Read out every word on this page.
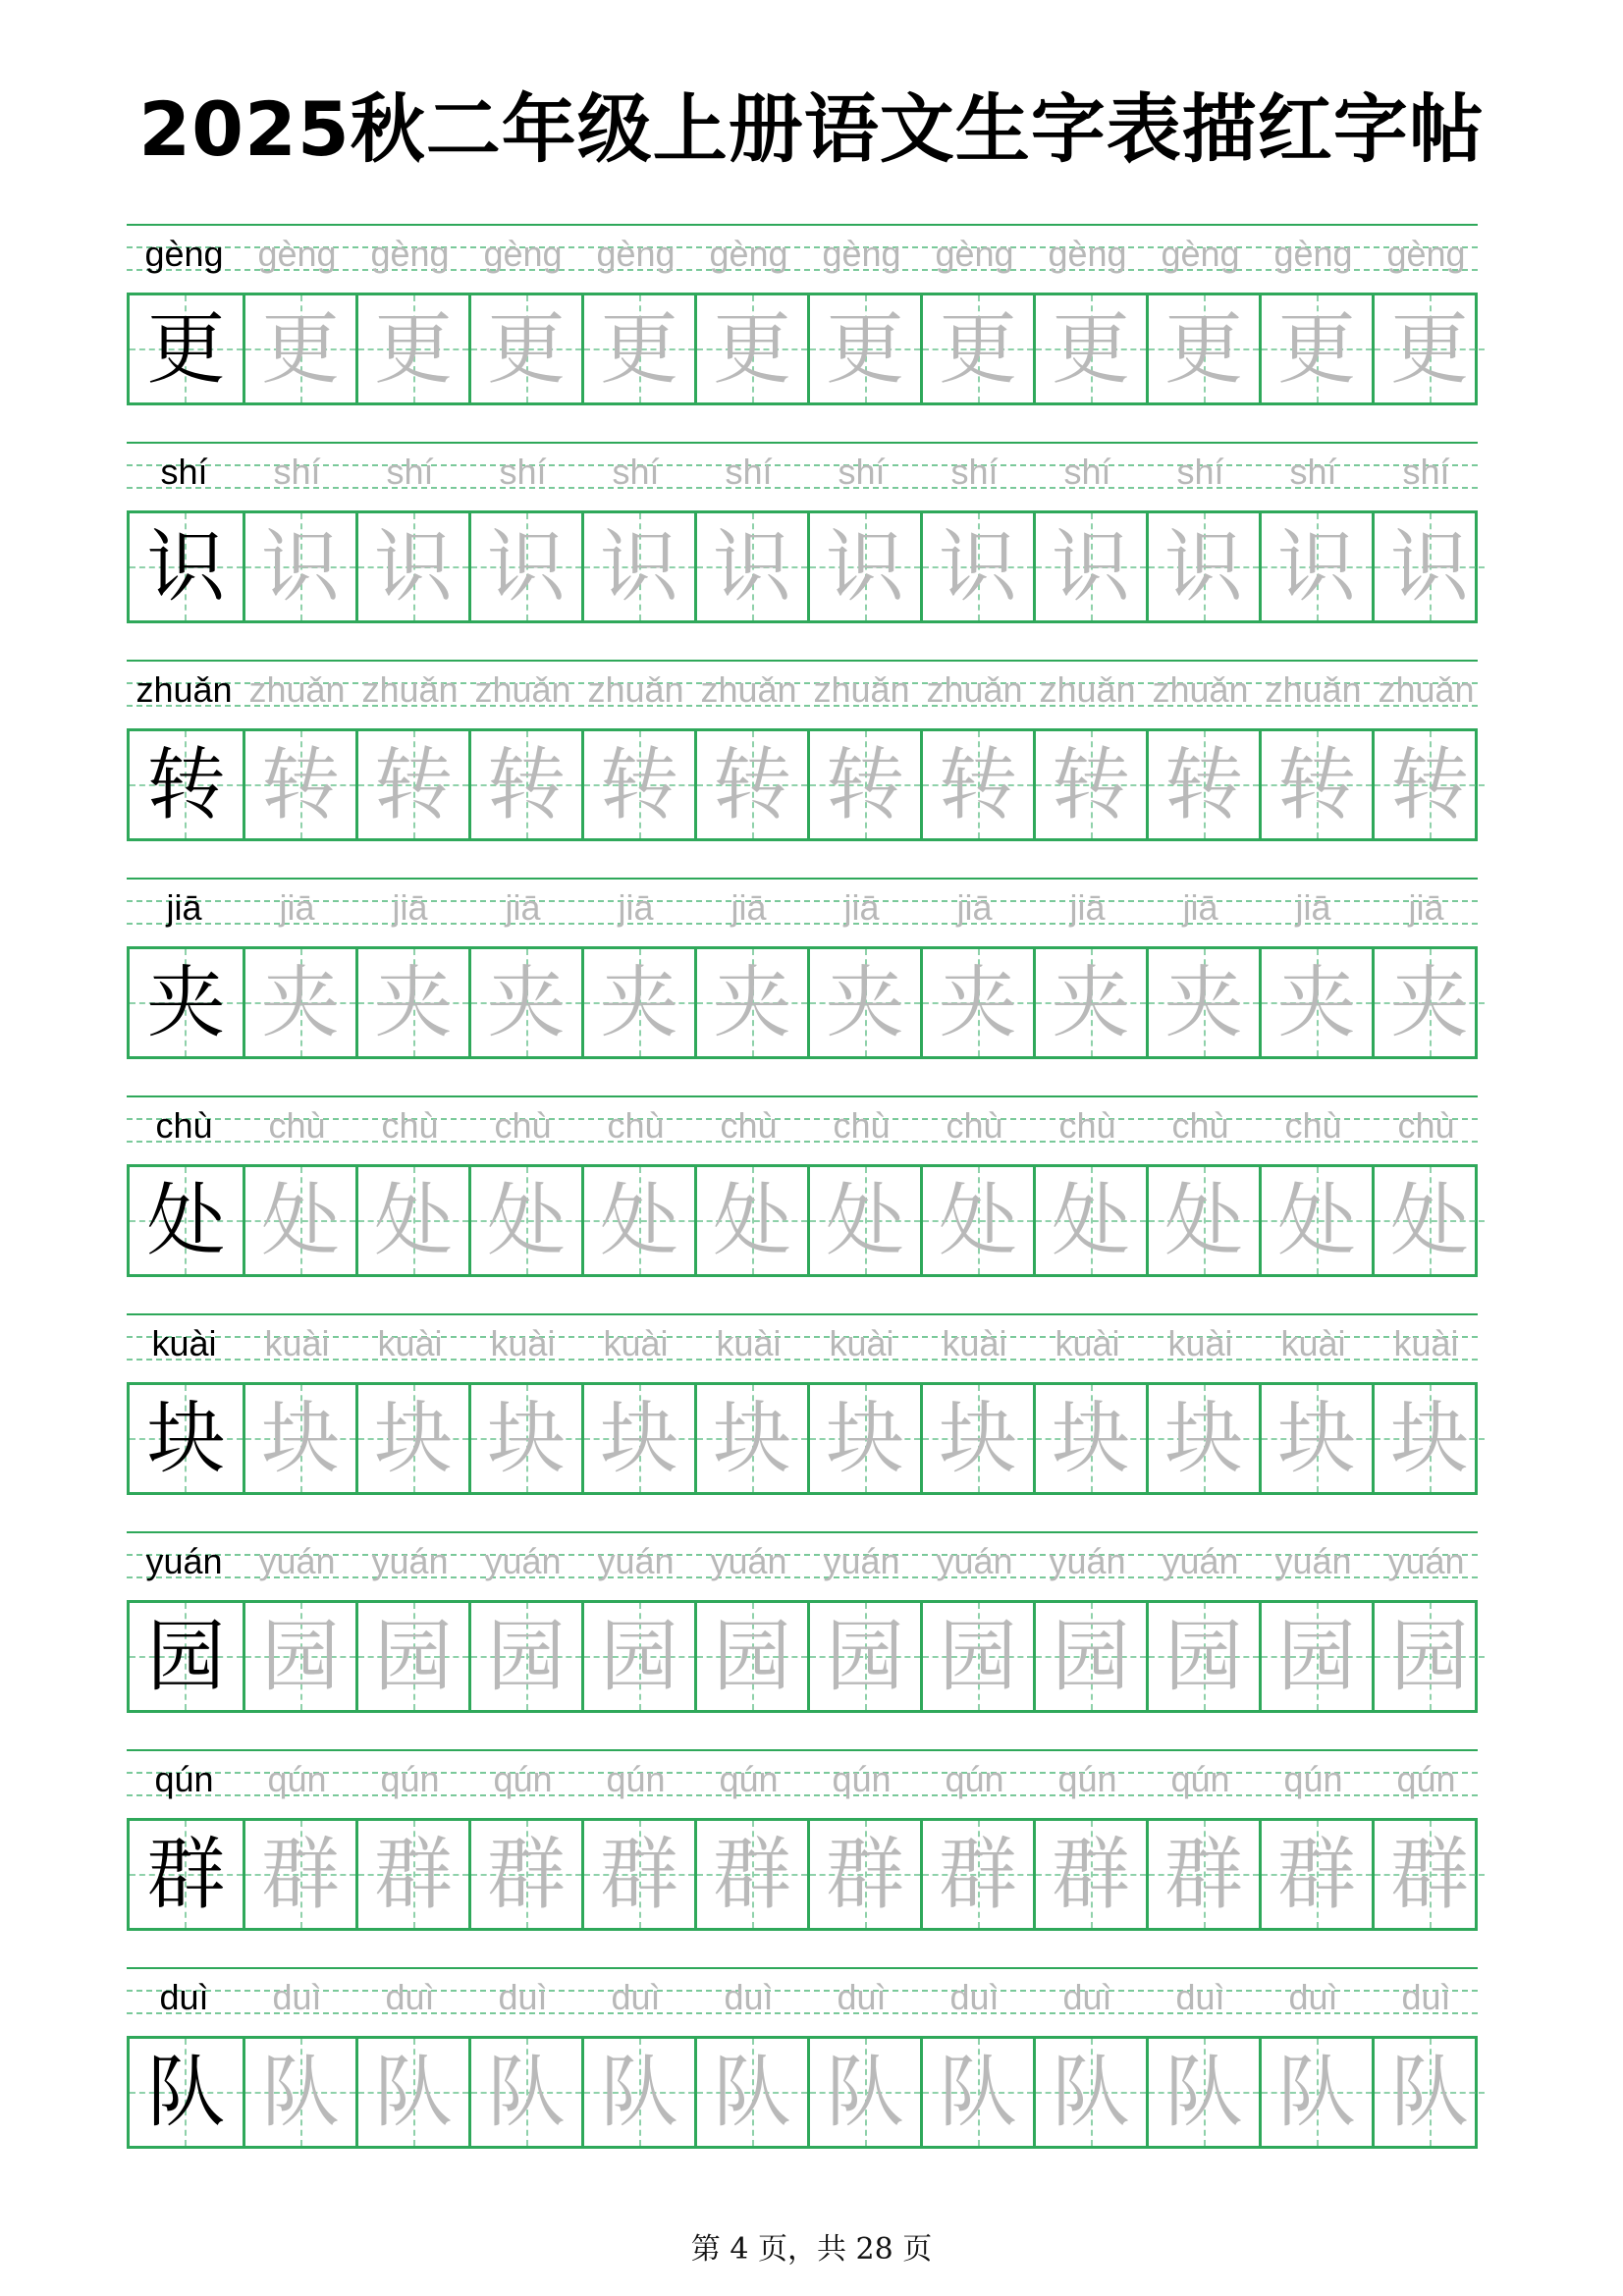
2025秋二年级上册语文生字表描红字帖
gèng gèng gèng gèng gèng gèng gèng gèng gèng gèng gèng gèng
更 更 更 更 更 更 更 更 更 更 更 更
shí	shí	shí	shí	shí	shí	shí	shí	shí	shí	shí	shí
识 识 识 识 识 识 识 识 识 识 识 识
zhuǎn zhuǎn zhuǎn zhuǎn zhuǎn zhuǎn zhuǎn zhuǎn zhuǎn zhuǎn zhuǎn zhuǎn
转 转 转 转 转 转 转 转 转 转 转 转
jiā	jiā	jiā	jiā	jiā	jiā	jiā	jiā	jiā	jiā	jiā	jiā
夹 夹 夹 夹 夹 夹 夹 夹 夹 夹 夹 夹
chù	chù	chù	chù	chù	chù	chù	chù	chù	chù	chù	chù
处 处 处 处 处 处 处 处 处 处 处 处
kuài	kuài	kuài	kuài	kuài	kuài	kuài	kuài	kuài	kuài	kuài	kuài
块 块 块 块 块 块 块 块 块 块 块 块
yuán	yuán	yuán	yuán	yuán	yuán	yuán	yuán	yuán	yuán	yuán	yuán
园 园 园 园 园 园 园 园 园 园 园 园
qún	qún	qún	qún	qún	qún	qún	qún	qún	qún	qún	qún
群 群 群 群 群 群 群 群 群 群 群 群
duì	duì	duì	duì	duì	duì	duì	duì	duì	duì	duì	duì
队 队 队 队 队 队 队 队 队 队 队 队
第 4 页，共 28 页
